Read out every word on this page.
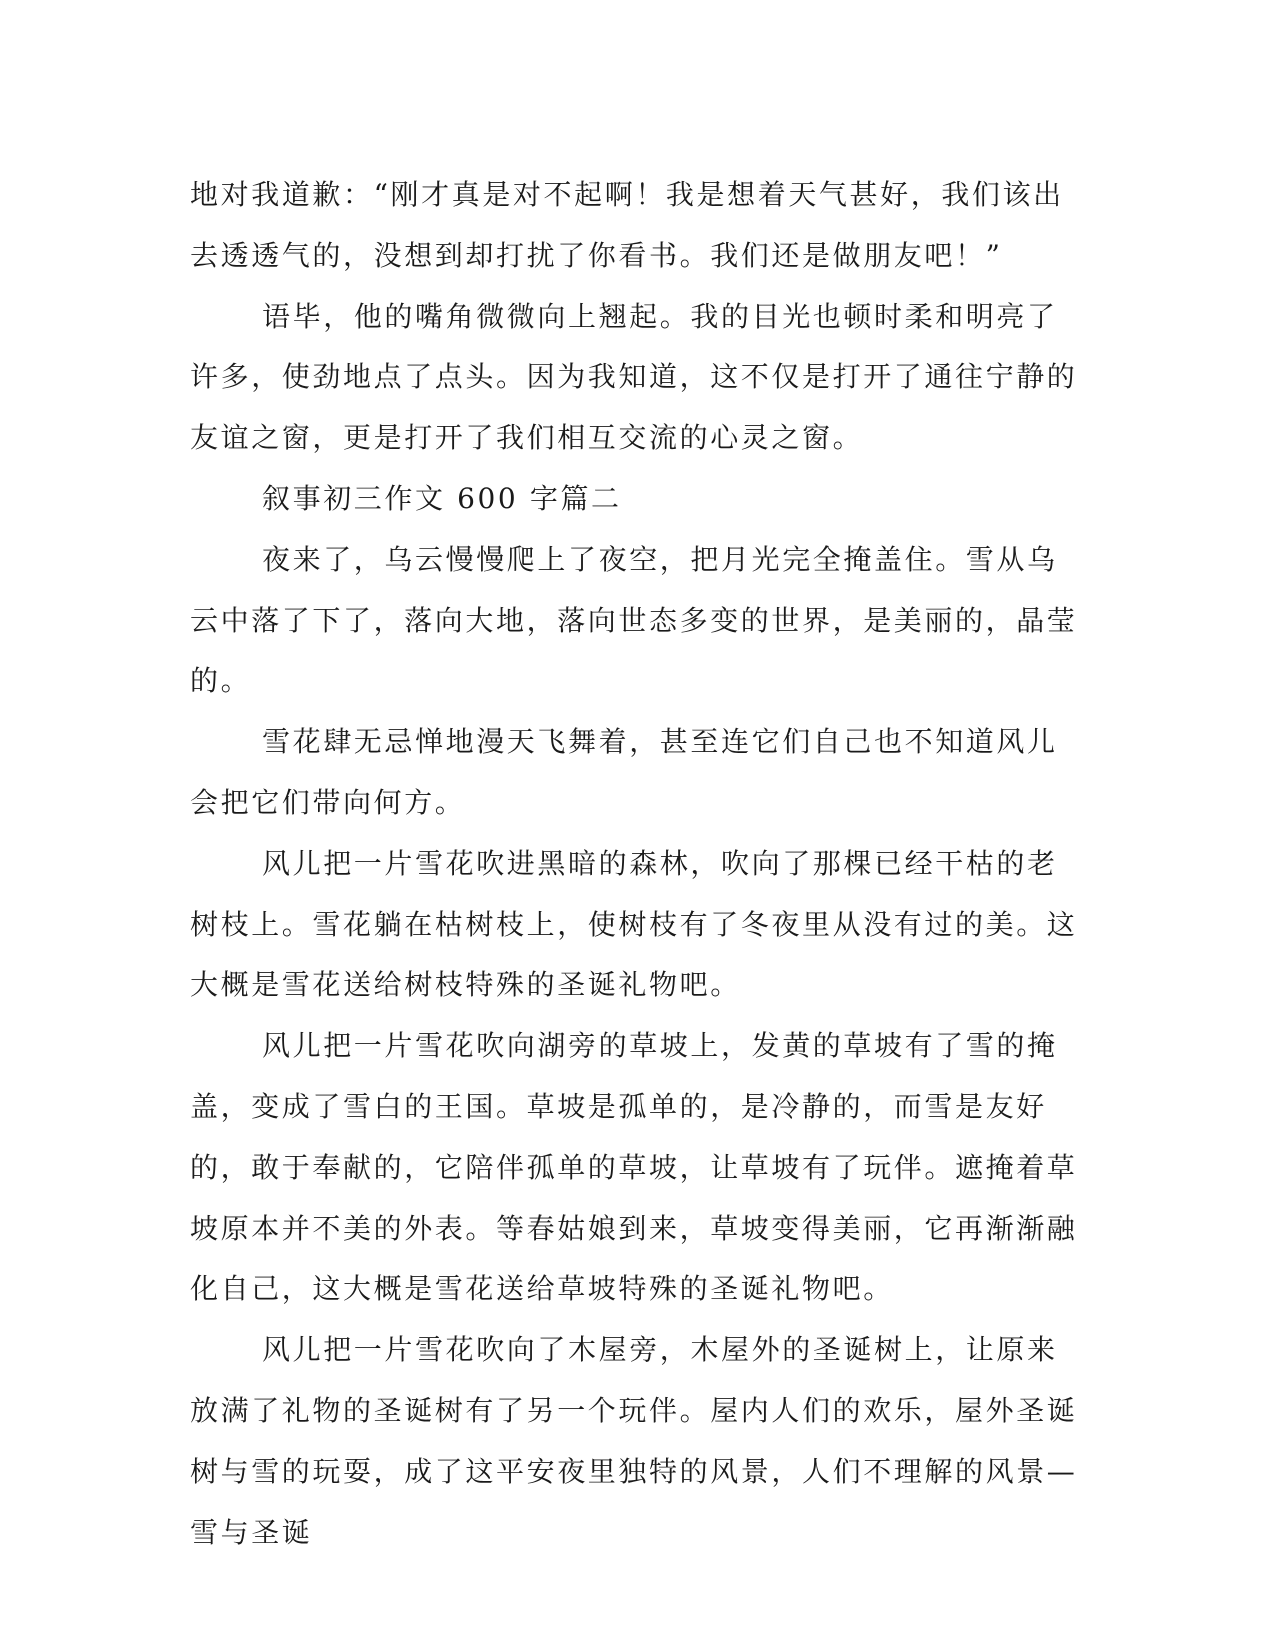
地对我道歉：“刚才真是对不起啊！我是想着天气甚好，我们该出去透透气的，没想到却打扰了你看书。我们还是做朋友吧！”

语毕，他的嘴角微微向上翘起。我的目光也顿时柔和明亮了许多，使劲地点了点头。因为我知道，这不仅是打开了通往宁静的友谊之窗，更是打开了我们相互交流的心灵之窗。

叙事初三作文 600 字篇二

夜来了，乌云慢慢爬上了夜空，把月光完全掩盖住。雪从乌云中落了下了，落向大地，落向世态多变的世界，是美丽的，晶莹的。

雪花肆无忌惮地漫天飞舞着，甚至连它们自己也不知道风儿会把它们带向何方。

风儿把一片雪花吹进黑暗的森林，吹向了那棵已经干枯的老树枝上。雪花躺在枯树枝上，使树枝有了冬夜里从没有过的美。这大概是雪花送给树枝特殊的圣诞礼物吧。

风儿把一片雪花吹向湖旁的草坡上，发黄的草坡有了雪的掩盖，变成了雪白的王国。草坡是孤单的，是冷静的，而雪是友好的，敢于奉献的，它陪伴孤单的草坡，让草坡有了玩伴。遮掩着草坡原本并不美的外表。等春姑娘到来，草坡变得美丽，它再渐渐融化自己，这大概是雪花送给草坡特殊的圣诞礼物吧。

风儿把一片雪花吹向了木屋旁，木屋外的圣诞树上，让原来放满了礼物的圣诞树有了另一个玩伴。屋内人们的欢乐，屋外圣诞树与雪的玩耍，成了这平安夜里独特的风景，人们不理解的风景—雪与圣诞
